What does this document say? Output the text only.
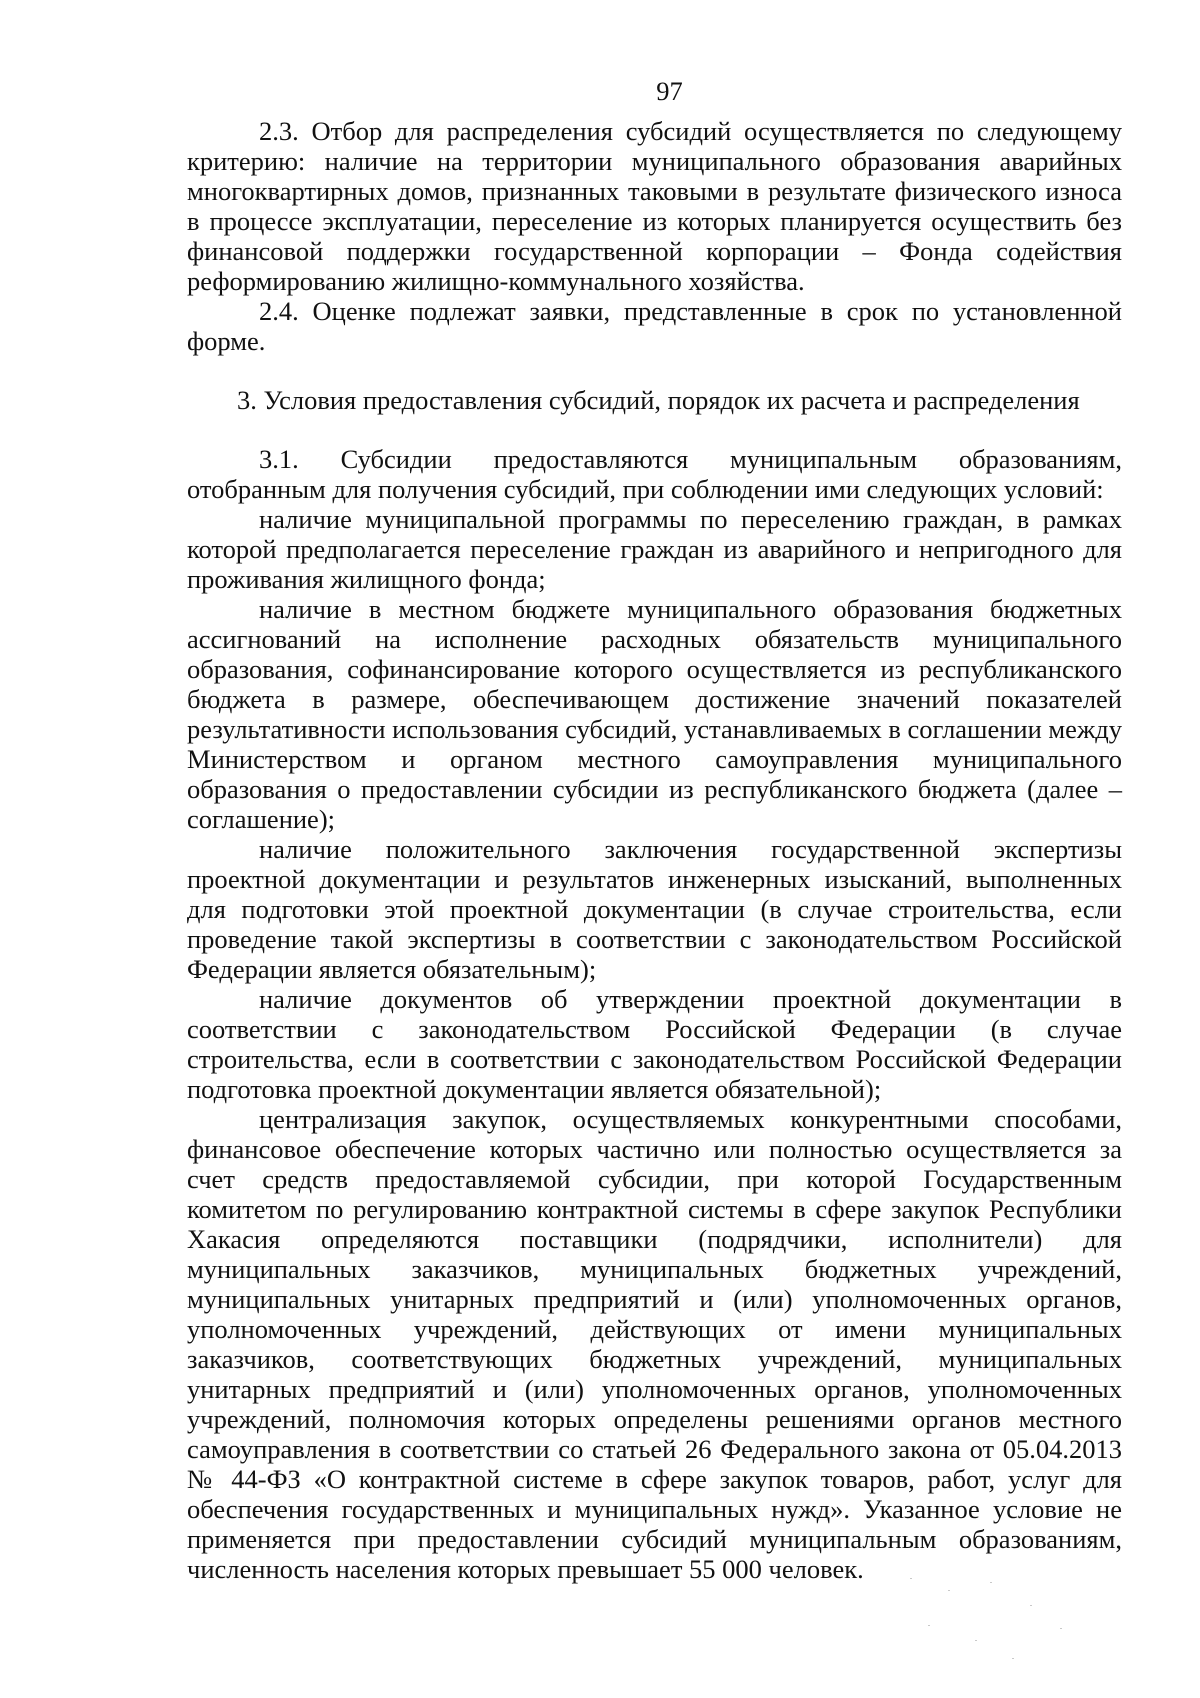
97

2.3. Отбор для распределения субсидий осуществляется по следующему критерию: наличие на территории муниципального образования аварийных многоквартирных домов, признанных таковыми в результате физического износа в процессе эксплуатации, переселение из которых планируется осуществить без финансовой поддержки государственной корпорации – Фонда содействия реформированию жилищно-коммунального хозяйства.

2.4. Оценке подлежат заявки, представленные в срок по установленной форме.

3. Условия предоставления субсидий, порядок их расчета и распределения

3.1. Субсидии предоставляются муниципальным образованиям, отобранным для получения субсидий, при соблюдении ими следующих условий:

наличие муниципальной программы по переселению граждан, в рамках которой предполагается переселение граждан из аварийного и непригодного для проживания жилищного фонда;

наличие в местном бюджете муниципального образования бюджетных ассигнований на исполнение расходных обязательств муниципального образования, софинансирование которого осуществляется из республиканского бюджета в размере, обеспечивающем достижение значений показателей результативности использования субсидий, устанавливаемых в соглашении между Министерством и органом местного самоуправления муниципального образования о предоставлении субсидии из республиканского бюджета (далее – соглашение);

наличие положительного заключения государственной экспертизы проектной документации и результатов инженерных изысканий, выполненных для подготовки этой проектной документации (в случае строительства, если проведение такой экспертизы в соответствии с законодательством Российской Федерации является обязательным);

наличие документов об утверждении проектной документации в соответствии с законодательством Российской Федерации (в случае строительства, если в соответствии с законодательством Российской Федерации подготовка проектной документации является обязательной);

централизация закупок, осуществляемых конкурентными способами, финансовое обеспечение которых частично или полностью осуществляется за счет средств предоставляемой субсидии, при которой Государственным комитетом по регулированию контрактной системы в сфере закупок Республики Хакасия определяются поставщики (подрядчики, исполнители) для муниципальных заказчиков, муниципальных бюджетных учреждений, муниципальных унитарных предприятий и (или) уполномоченных органов, уполномоченных учреждений, действующих от имени муниципальных заказчиков, соответствующих бюджетных учреждений, муниципальных унитарных предприятий и (или) уполномоченных органов, уполномоченных учреждений, полномочия которых определены решениями органов местного самоуправления в соответствии со статьей 26 Федерального закона от 05.04.2013 № 44-ФЗ «О контрактной системе в сфере закупок товаров, работ, услуг для обеспечения государственных и муниципальных нужд». Указанное условие не применяется при предоставлении субсидий муниципальным образованиям, численность населения которых превышает 55 000 человек.
